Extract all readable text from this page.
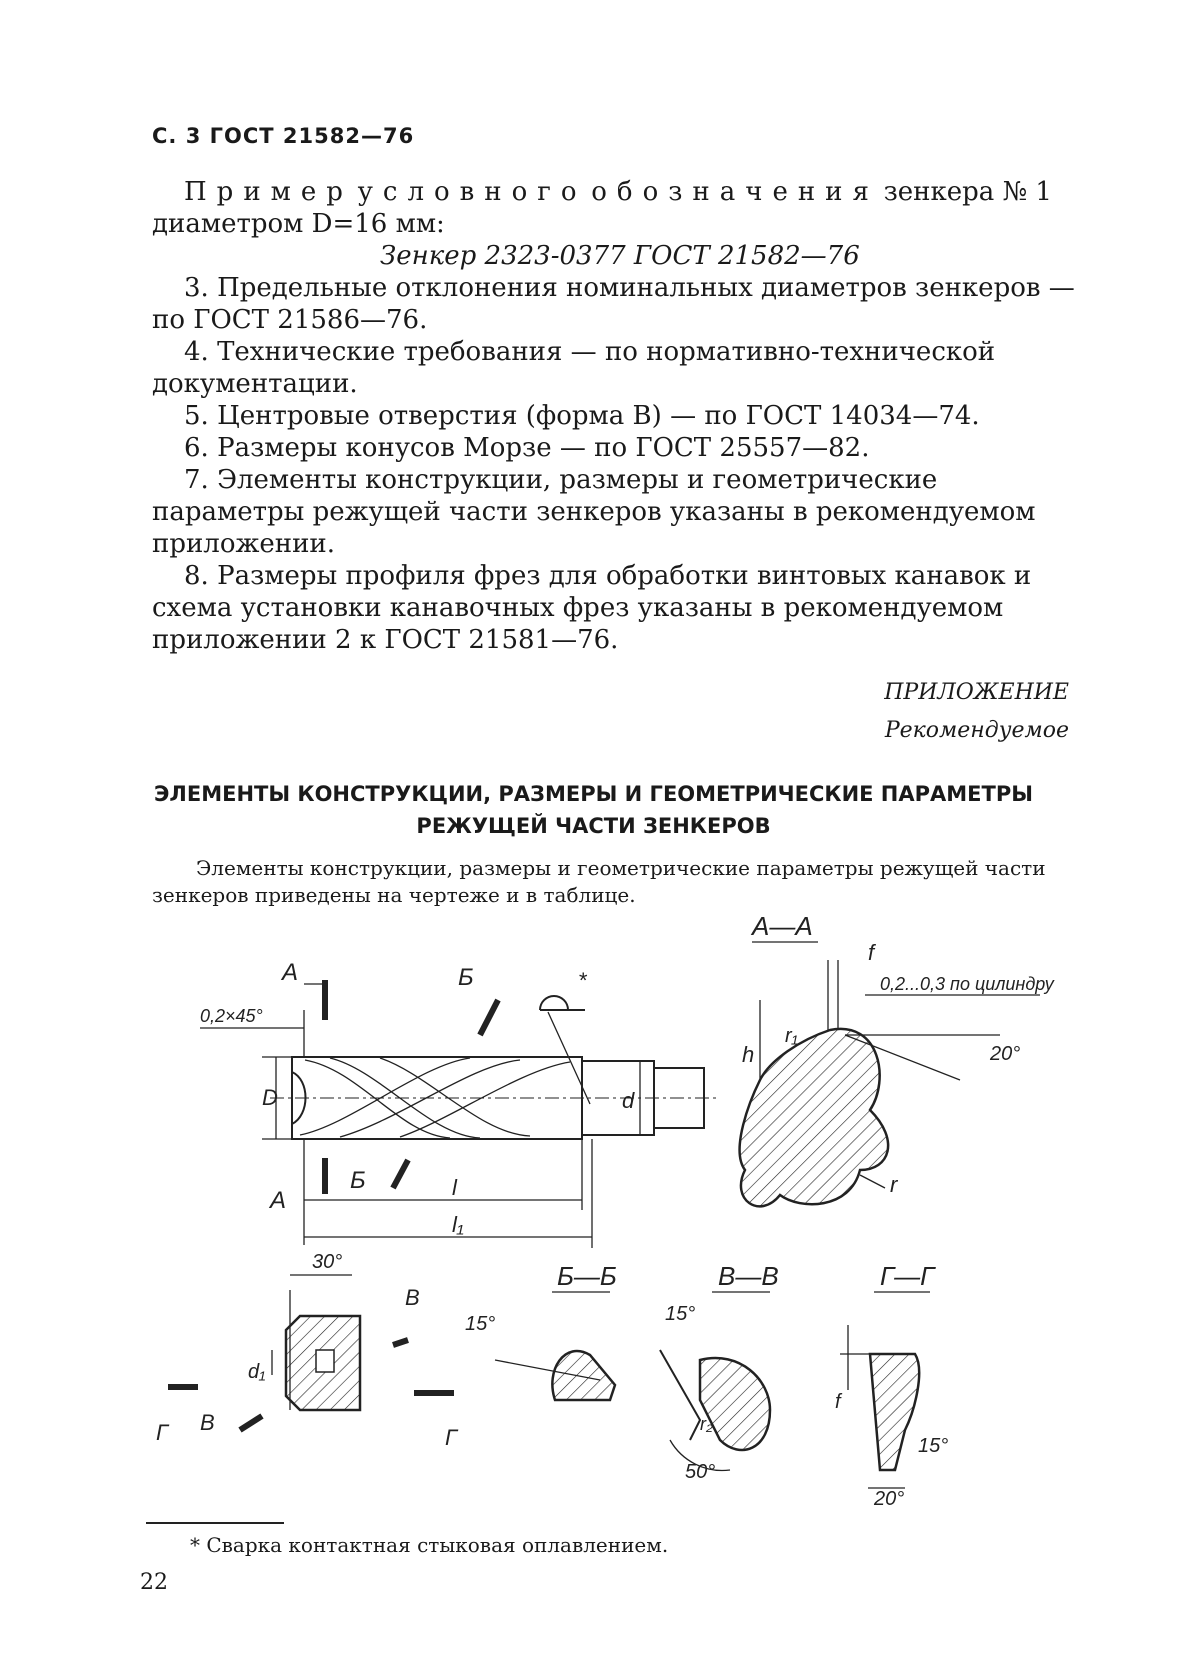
С. 3 ГОСТ 21582—76
Пример условного обозначения зенкера № 1
диаметром D=16 мм:
Зенкер 2323-0377 ГОСТ 21582—76

3. Предельные отклонения номинальных диаметров зенкеров — по ГОСТ 21586—76.

4. Технические требования — по нормативно-технической документации.

5. Центровые отверстия (форма B) — по ГОСТ 14034—74.

6. Размеры конусов Морзе — по ГОСТ 25557—82.

7. Элементы конструкции, размеры и геометрические параметры режущей части зенкеров указаны в рекомендуемом приложении.

8. Размеры профиля фрез для обработки винтовых канавок и схема установки канавочных фрез указаны в рекомендуемом приложении 2 к ГОСТ 21581—76.

ПРИЛОЖЕНИЕ
Рекомендуемое
ЭЛЕМЕНТЫ КОНСТРУКЦИИ, РАЗМЕРЫ И ГЕОМЕТРИЧЕСКИЕ ПАРАМЕТРЫ
РЕЖУЩЕЙ ЧАСТИ ЗЕНКЕРОВ

Элементы конструкции, размеры и геометрические параметры режущей части зенкеров приведены на чертеже и в таблице.

D	d
0,2×45°
А
А
Б
Б
*
l
l₁
А—А
f
0,2...0,3 по цилиндру
r₁
h	20°
r
30°
d₁
В
В
Г	Г
Б—Б
15°
В—В
15°
r₂
50°
Г—Г
f
15°
20°
* Сварка контактная стыковая оплавлением.
22
